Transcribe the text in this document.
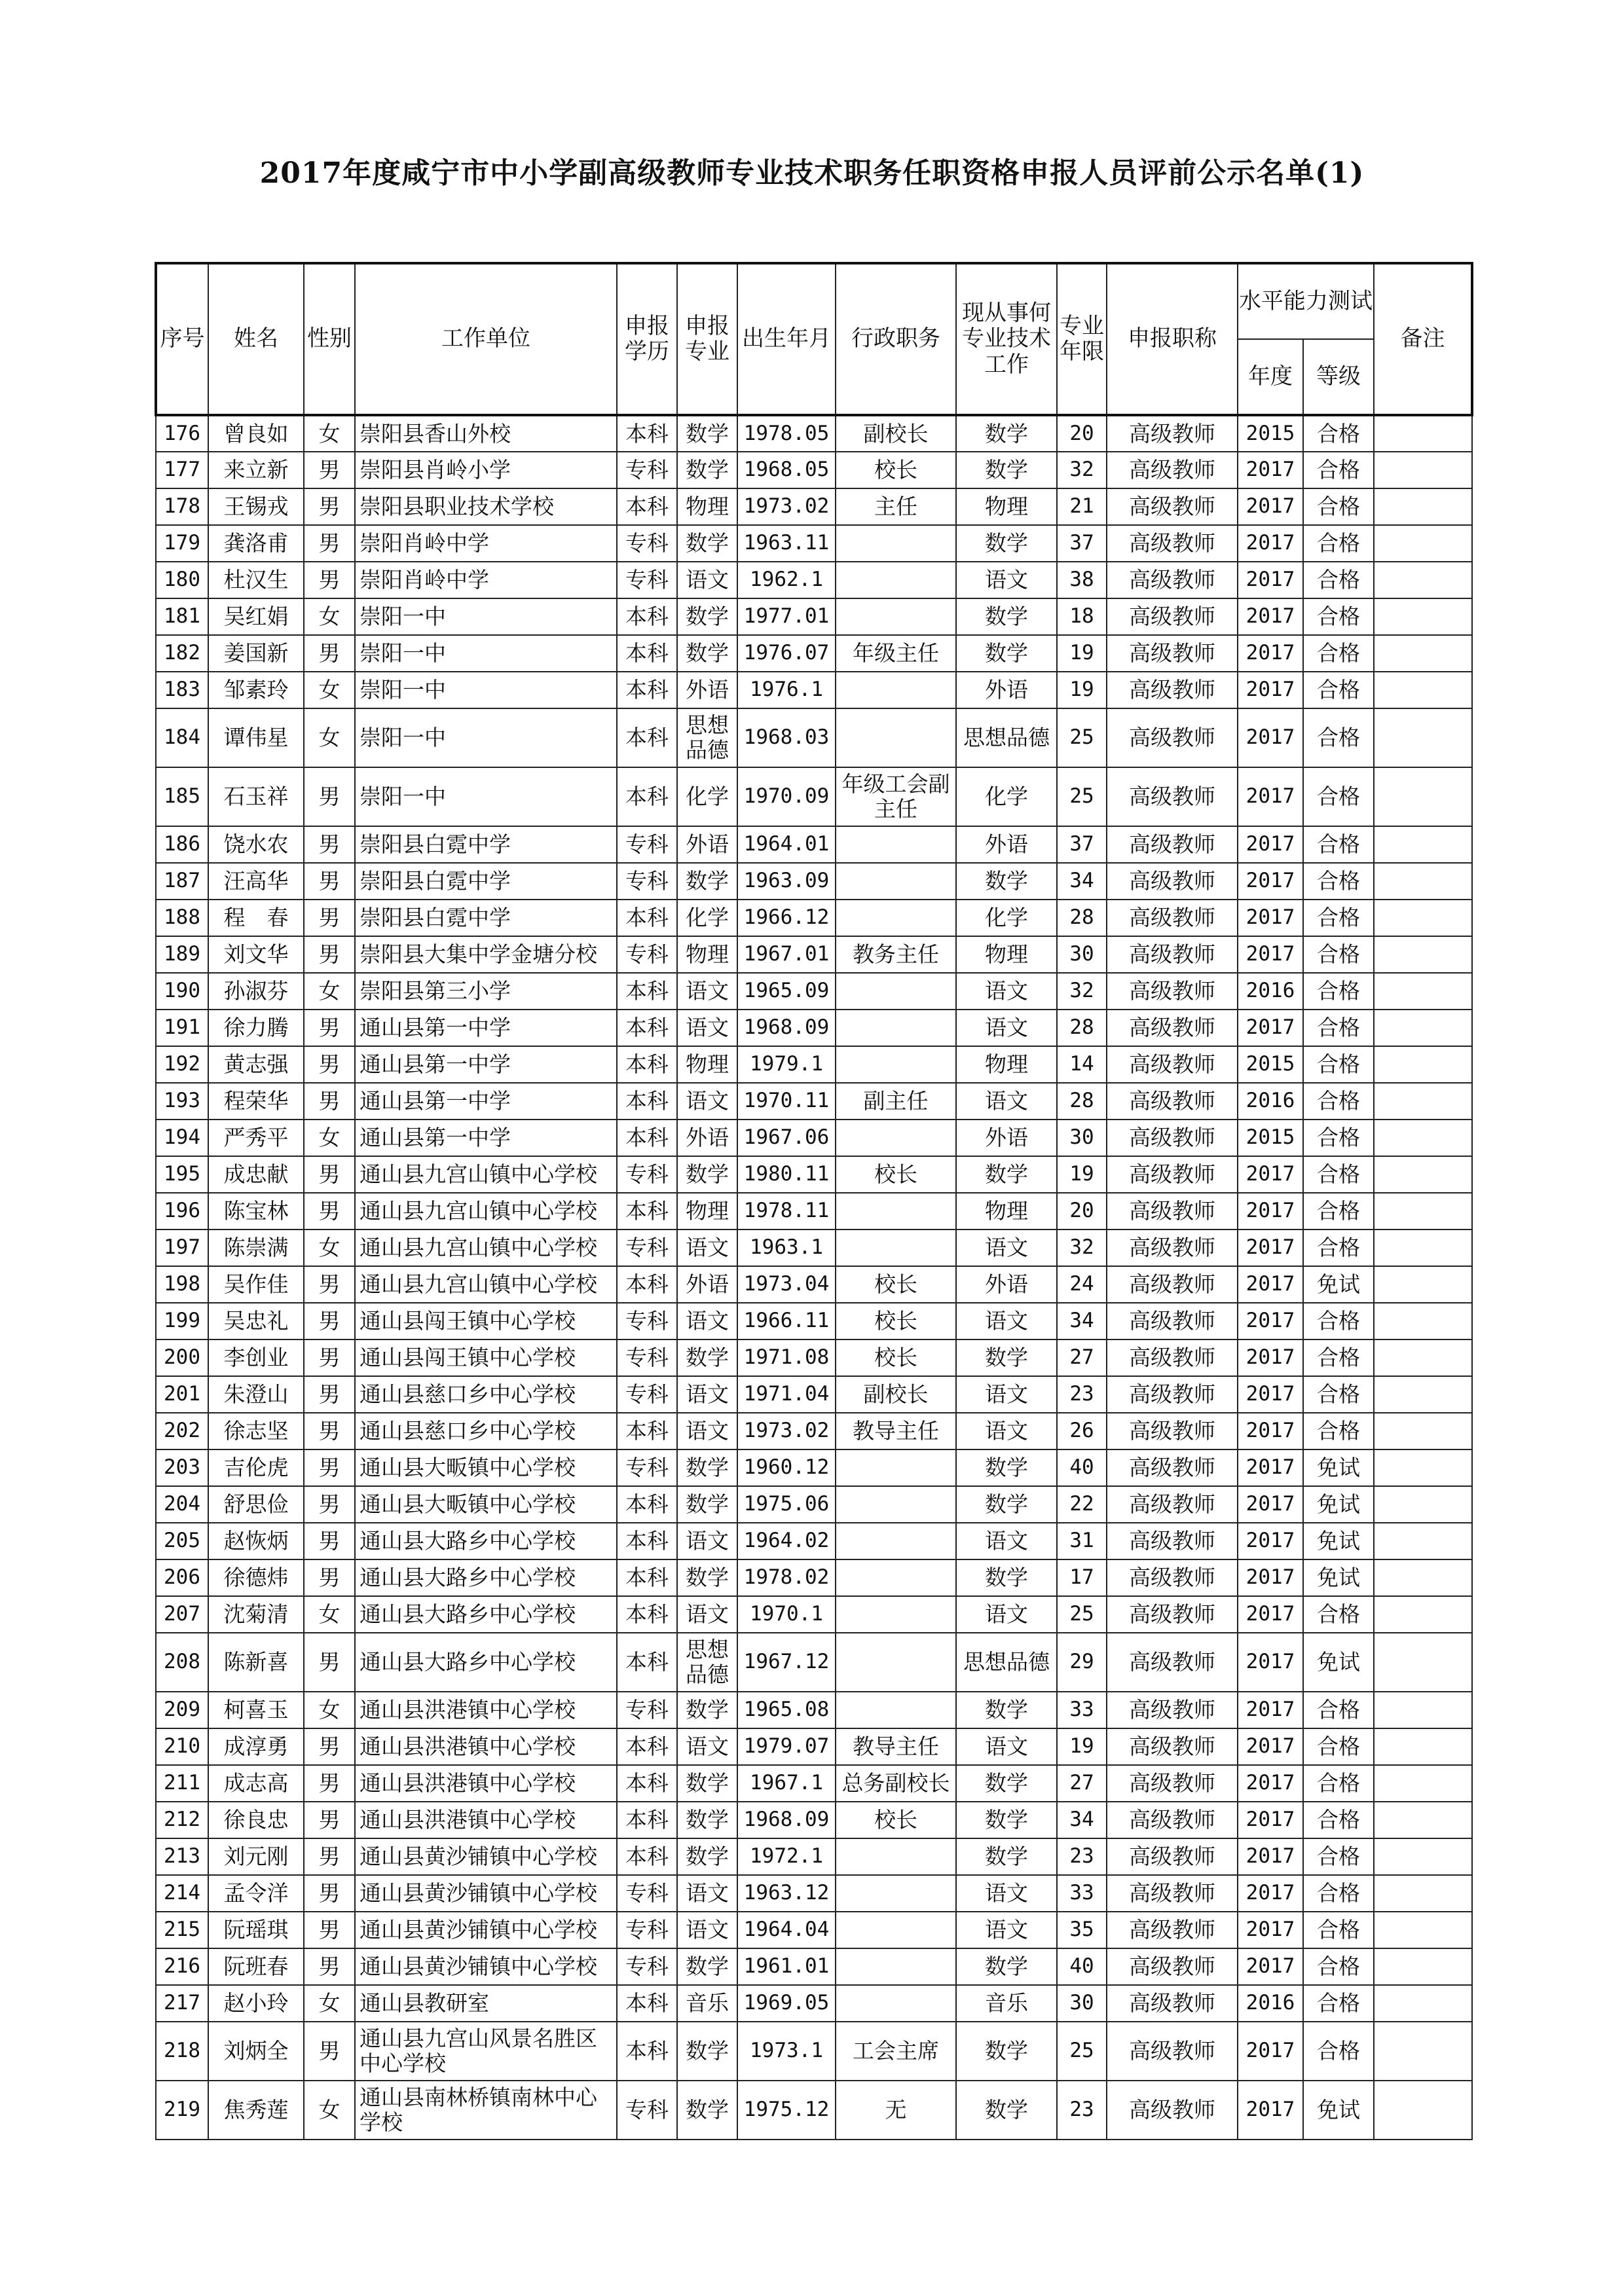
2017年度咸宁市中小学副高级教师专业技术职务任职资格申报人员评前公示名单(1)
序号	姓名	性别	工作单位	申报学历	申报专业	出生年月	行政职务	现从事何专业技术工作	专业年限	申报职称	水平能力测试		备注
											年度	等级	
176	曾良如	女	崇阳县香山外校	本科	数学	1978.05	副校长	数学	20	高级教师	2015	合格	
177	来立新	男	崇阳县肖岭小学	专科	数学	1968.05	校长	数学	32	高级教师	2017	合格	
178	王锡戎	男	崇阳县职业技术学校	本科	物理	1973.02	主任	物理	21	高级教师	2017	合格	
179	龚洛甫	男	崇阳肖岭中学	专科	数学	1963.11		数学	37	高级教师	2017	合格	
180	杜汉生	男	崇阳肖岭中学	专科	语文	1962.1		语文	38	高级教师	2017	合格	
181	吴红娟	女	崇阳一中	本科	数学	1977.01		数学	18	高级教师	2017	合格	
182	姜国新	男	崇阳一中	本科	数学	1976.07	年级主任	数学	19	高级教师	2017	合格	
183	邹素玲	女	崇阳一中	本科	外语	1976.1		外语	19	高级教师	2017	合格	
184	谭伟星	女	崇阳一中	本科	思想品德	1968.03		思想品德	25	高级教师	2017	合格	
185	石玉祥	男	崇阳一中	本科	化学	1970.09	年级工会副主任	化学	25	高级教师	2017	合格	
186	饶水农	男	崇阳县白霓中学	专科	外语	1964.01		外语	37	高级教师	2017	合格	
187	汪高华	男	崇阳县白霓中学	专科	数学	1963.09		数学	34	高级教师	2017	合格	
188	程　春	男	崇阳县白霓中学	本科	化学	1966.12		化学	28	高级教师	2017	合格	
189	刘文华	男	崇阳县大集中学金塘分校	专科	物理	1967.01	教务主任	物理	30	高级教师	2017	合格	
190	孙淑芬	女	崇阳县第三小学	本科	语文	1965.09		语文	32	高级教师	2016	合格	
191	徐力腾	男	通山县第一中学	本科	语文	1968.09		语文	28	高级教师	2017	合格	
192	黄志强	男	通山县第一中学	本科	物理	1979.1		物理	14	高级教师	2015	合格	
193	程荣华	男	通山县第一中学	本科	语文	1970.11	副主任	语文	28	高级教师	2016	合格	
194	严秀平	女	通山县第一中学	本科	外语	1967.06		外语	30	高级教师	2015	合格	
195	成忠献	男	通山县九宫山镇中心学校	专科	数学	1980.11	校长	数学	19	高级教师	2017	合格	
196	陈宝林	男	通山县九宫山镇中心学校	本科	物理	1978.11		物理	20	高级教师	2017	合格	
197	陈崇满	女	通山县九宫山镇中心学校	专科	语文	1963.1		语文	32	高级教师	2017	合格	
198	吴作佳	男	通山县九宫山镇中心学校	本科	外语	1973.04	校长	外语	24	高级教师	2017	免试	
199	吴忠礼	男	通山县闯王镇中心学校	专科	语文	1966.11	校长	语文	34	高级教师	2017	合格	
200	李创业	男	通山县闯王镇中心学校	专科	数学	1971.08	校长	数学	27	高级教师	2017	合格	
201	朱澄山	男	通山县慈口乡中心学校	专科	语文	1971.04	副校长	语文	23	高级教师	2017	合格	
202	徐志坚	男	通山县慈口乡中心学校	本科	语文	1973.02	教导主任	语文	26	高级教师	2017	合格	
203	吉伦虎	男	通山县大畈镇中心学校	专科	数学	1960.12		数学	40	高级教师	2017	免试	
204	舒思俭	男	通山县大畈镇中心学校	本科	数学	1975.06		数学	22	高级教师	2017	免试	
205	赵恢炳	男	通山县大路乡中心学校	本科	语文	1964.02		语文	31	高级教师	2017	免试	
206	徐德炜	男	通山县大路乡中心学校	本科	数学	1978.02		数学	17	高级教师	2017	免试	
207	沈菊清	女	通山县大路乡中心学校	本科	语文	1970.1		语文	25	高级教师	2017	合格	
208	陈新喜	男	通山县大路乡中心学校	本科	思想品德	1967.12		思想品德	29	高级教师	2017	免试	
209	柯喜玉	女	通山县洪港镇中心学校	专科	数学	1965.08		数学	33	高级教师	2017	合格	
210	成淳勇	男	通山县洪港镇中心学校	本科	语文	1979.07	教导主任	语文	19	高级教师	2017	合格	
211	成志高	男	通山县洪港镇中心学校	本科	数学	1967.1	总务副校长	数学	27	高级教师	2017	合格	
212	徐良忠	男	通山县洪港镇中心学校	本科	数学	1968.09	校长	数学	34	高级教师	2017	合格	
213	刘元刚	男	通山县黄沙铺镇中心学校	本科	数学	1972.1		数学	23	高级教师	2017	合格	
214	孟令洋	男	通山县黄沙铺镇中心学校	专科	语文	1963.12		语文	33	高级教师	2017	合格	
215	阮瑶琪	男	通山县黄沙铺镇中心学校	专科	语文	1964.04		语文	35	高级教师	2017	合格	
216	阮班春	男	通山县黄沙铺镇中心学校	专科	数学	1961.01		数学	40	高级教师	2017	合格	
217	赵小玲	女	通山县教研室	本科	音乐	1969.05		音乐	30	高级教师	2016	合格	
218	刘炳全	男	通山县九宫山风景名胜区中心学校	本科	数学	1973.1	工会主席	数学	25	高级教师	2017	合格	
219	焦秀莲	女	通山县南林桥镇南林中心学校	专科	数学	1975.12	无	数学	23	高级教师	2017	免试	
